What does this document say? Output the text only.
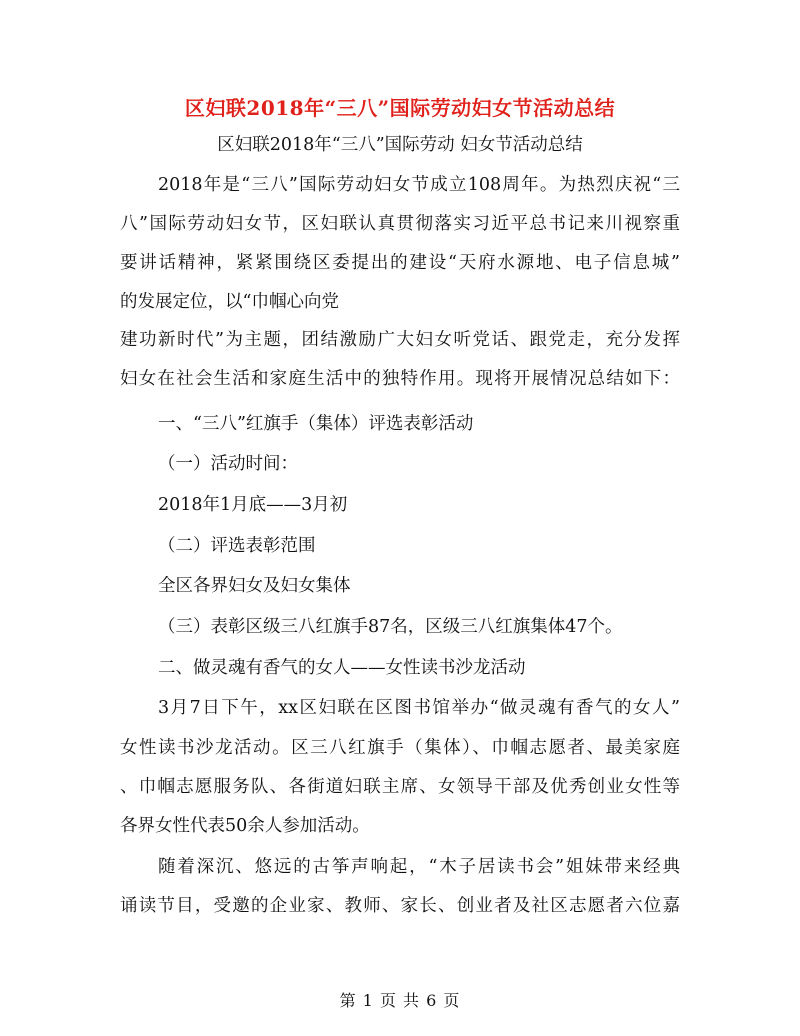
区妇联2018年“三八”国际劳动妇女节活动总结
区妇联2018年“三八”国际劳动 妇女节活动总结
2018年是“三八”国际劳动妇女节成立108周年。为热烈庆祝“三
八”国际劳动妇女节，区妇联认真贯彻落实习近平总书记来川视察重
要讲话精神，紧紧围绕区委提出的建设“天府水源地、电子信息城”
的发展定位，以“巾帼心向党
建功新时代”为主题，团结激励广大妇女听党话、跟党走，充分发挥
妇女在社会生活和家庭生活中的独特作用。现将开展情况总结如下：
一、“三八”红旗手（集体）评选表彰活动
（一）活动时间：
2018年1月底——3月初
（二）评选表彰范围
全区各界妇女及妇女集体
（三）表彰区级三八红旗手87名，区级三八红旗集体47个。
二、做灵魂有香气的女人——女性读书沙龙活动
3月7日下午，xx区妇联在区图书馆举办“做灵魂有香气的女人”
女性读书沙龙活动。区三八红旗手（集体）、巾帼志愿者、最美家庭
、巾帼志愿服务队、各街道妇联主席、女领导干部及优秀创业女性等
各界女性代表50余人参加活动。
随着深沉、悠远的古筝声响起，“木子居读书会”姐妹带来经典
诵读节目，受邀的企业家、教师、家长、创业者及社区志愿者六位嘉
第 1 页 共 6 页
